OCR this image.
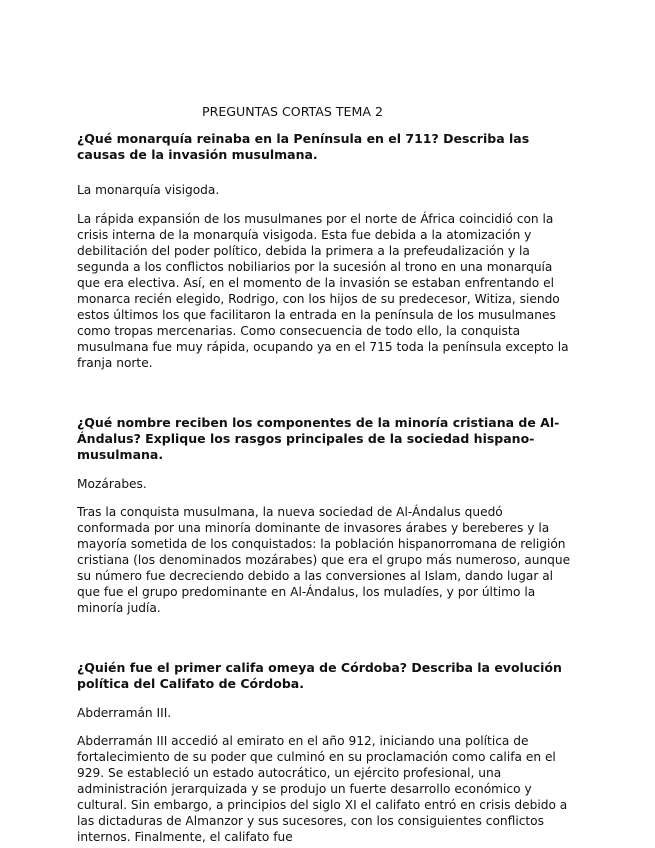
PREGUNTAS CORTAS TEMA 2

¿Qué monarquía reinaba en la Península en el 711? Describa las causas de la invasión musulmana.

La monarquía visigoda.

La rápida expansión de los musulmanes por el norte de África coincidió con la crisis interna de la monarquía visigoda. Esta fue debida a la atomización y debilitación del poder político, debida la primera a la prefeudalización y la segunda a los conflictos nobiliarios por la sucesión al trono en una monarquía que era electiva. Así, en el momento de la invasión se estaban enfrentando el monarca recién elegido, Rodrigo, con los hijos de su predecesor, Witiza, siendo estos últimos los que facilitaron la entrada en la península de los musulmanes como tropas mercenarias. Como consecuencia de todo ello, la conquista musulmana fue muy rápida, ocupando ya en el 715 toda la península excepto la franja norte.

¿Qué nombre reciben los componentes de la minoría cristiana de Al-Ándalus? Explique los rasgos principales de la sociedad hispano-musulmana.

Mozárabes.

Tras la conquista musulmana, la nueva sociedad de Al-Ándalus quedó conformada por una minoría dominante de invasores árabes y bereberes y la mayoría sometida de los conquistados: la población hispanorromana de religión cristiana (los denominados mozárabes) que era el grupo más numeroso, aunque su número fue decreciendo debido a las conversiones al Islam, dando lugar al que fue el grupo predominante en Al-Ándalus, los muladíes, y por último la minoría judía.

¿Quién fue el primer califa omeya de Córdoba? Describa la evolución política del Califato de Córdoba.

Abderramán III.

Abderramán III accedió al emirato en el año 912, iniciando una política de fortalecimiento de su poder que culminó en su proclamación como califa en el 929. Se estableció un estado autocrático, un ejército profesional, una administración jerarquizada y se produjo un fuerte desarrollo económico y cultural. Sin embargo, a principios del siglo XI el califato entró en crisis debido a las dictaduras de Almanzor y sus sucesores, con los consiguientes conflictos internos. Finalmente, el califato fue
